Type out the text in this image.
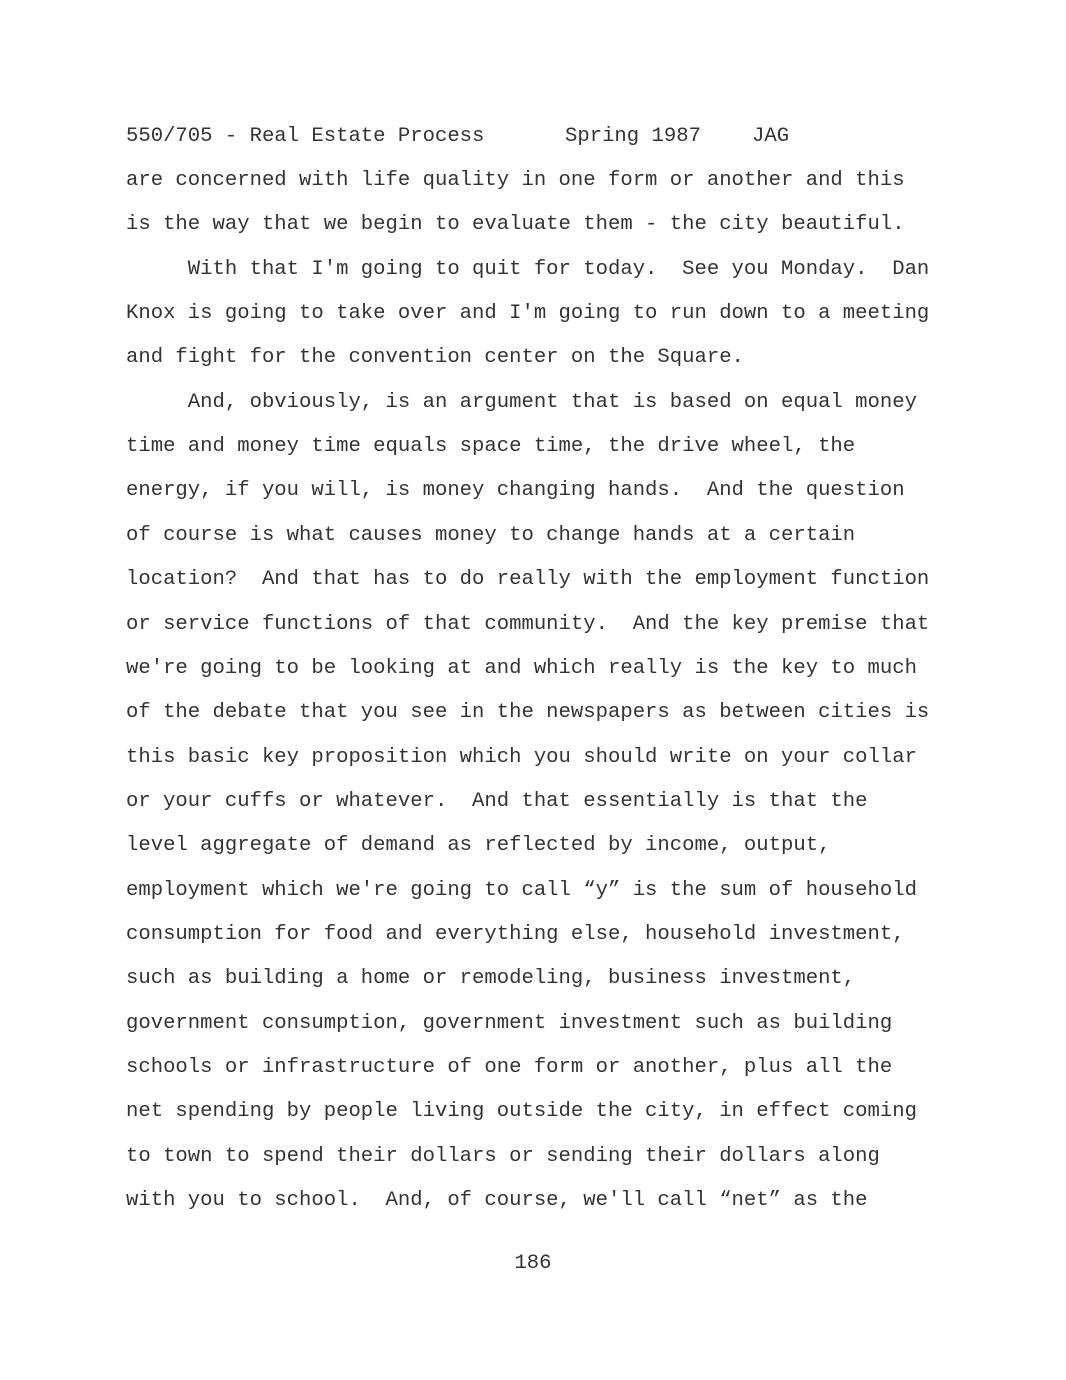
550/705 - Real Estate Process

	Spring 1987

JAG

are concerned with life quality in one form or another and this
is the way that we begin to evaluate them - the city beautiful.
With that I'm going to quit for today.  See you Monday.  Dan
Knox is going to take over and I'm going to run down to a meeting
and fight for the convention center on the Square.
And, obviously, is an argument that is based on equal money
time and money time equals space time, the drive wheel, the
energy, if you will, is money changing hands.  And the question
of course is what causes money to change hands at a certain
location?  And that has to do really with the employment function
or service functions of that community.  And the key premise that
we're going to be looking at and which really is the key to much
of the debate that you see in the newspapers as between cities is
this basic key proposition which you should write on your collar
or your cuffs or whatever.  And that essentially is that the
level aggregate of demand as reflected by income, output,
employment which we're going to call “y” is the sum of household
consumption for food and everything else, household investment,
such as building a home or remodeling, business investment,
government consumption, government investment such as building
schools or infrastructure of one form or another, plus all the
net spending by people living outside the city, in effect coming
to town to spend their dollars or sending their dollars along
with you to school.  And, of course, we'll call “net” as the
186
